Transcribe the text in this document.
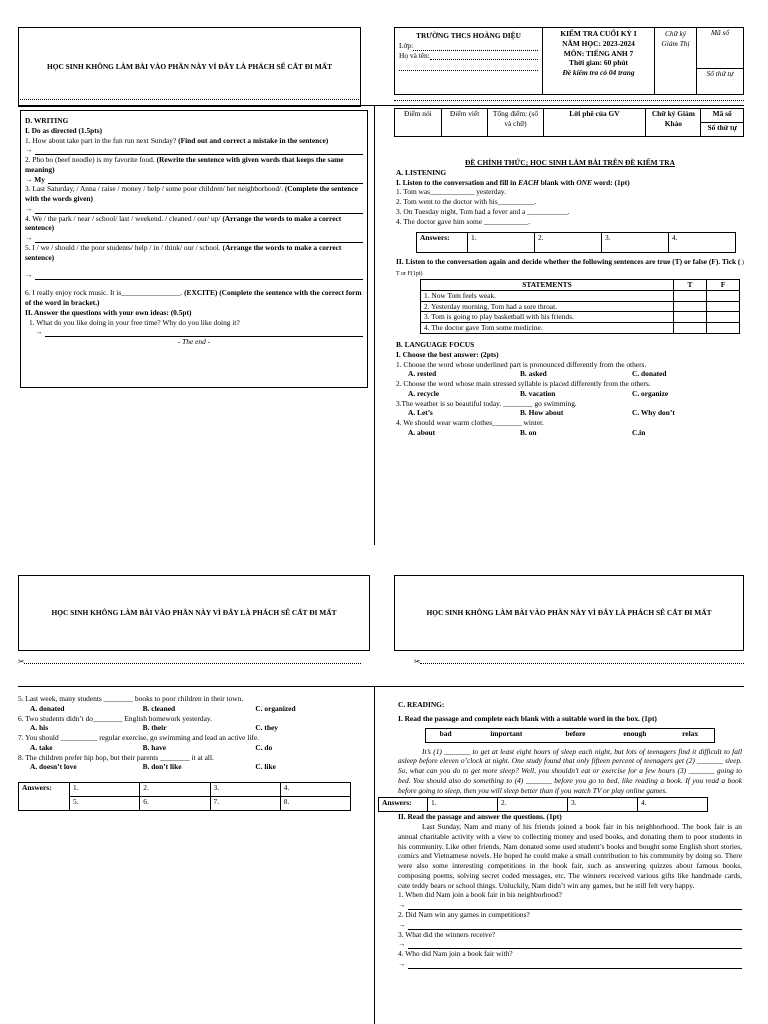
HỌC SINH KHÔNG LÀM BÀI VÀO PHẦN NÀY VÌ ĐÂY LÀ PHÁCH SẼ CẮT ĐI MẤT
TRƯỜNG THCS HOÀNG DIỆU
Lớp:
Họ và tên:
KIỂM TRA CUỐI KỲ I
NĂM HỌC: 2023-2024
MÔN: TIẾNG ANH 7
Thời gian: 60 phút
Đề kiểm tra có 04 trang
Chữ ký Giám Thị
Mã số
Số thứ tự
D. WRITING
I. Do as directed (1.5pts)
1. How about take part in the fun run next Sunday? (Find out and correct a mistake in the sentence)
→
2. Pho bo (beef noodle) is my favorite food. (Rewrite the sentence with given words that keeps the same meaning)
→ My
3. Last Saturday, / Anna / raise / money / help / some poor children/ her neighborhood/. (Complete the sentence with the words given)
→
4. We / the park / near / school/ last / weekend. / cleaned / our/ up/ (Arrange the words to make a correct sentence)
→
5. I / we / should / the poor students/ help / in / think/ our / school. (Arrange the words to make a correct sentence)
→
6. I really enjoy rock music. It is________________. (EXCITE) (Complete the sentence with the correct form of the word in bracket.)
II. Answer the questions with your own ideas: (0.5pt)
1. What do you like doing in your free time? Why do you like doing it?
→
- The end -
Điểm nói	Điểm viết	Tổng điểm: (số và chữ)	Lời phê của GV	Chữ ký Giám Khảo	
Mã số
Số thứ tự
ĐỀ CHÍNH THỨC; HỌC SINH LÀM BÀI TRÊN ĐỀ KIỂM TRA
A. LISTENING
I. Listen to the conversation and fill in EACH blank with ONE word: (1pt)
1. Tom was____________ yesterday.
2. Tom went to the doctor with his__________.
3. On Tuesday night, Tom had a fever and a ___________.
4. The doctor gave him some ____________.
Answers:	1.	2.	3.	4.
II. Listen to the conversation again and decide whether the following sentences are true (T) or false (F). Tick ( ) T or F(1pt)
STATEMENTS	T	F
1. Now Tom feels weak.		
2. Yesterday morning, Tom had a sore throat.		
3. Tom is going to play basketball with his friends.		
4. The doctor gave Tom some medicine.		
B. LANGUAGE FOCUS
I. Choose the best answer: (2pts)
1. Choose the word whose underlined part is pronounced differently from the others.
A. rested	B. asked	C. donated
2. Choose the word whose main stressed syllable is placed differently from the others.
A. recycle	B. vacation	C. organize
3.The weather is so beautiful today. ________ go swimming.
A. Let’s	B. How about	C. Why don’t
4. We should wear warm clothes________ winter.
A. about	B. on	C.in
HỌC SINH KHÔNG LÀM BÀI VÀO PHẦN NÀY VÌ ĐÂY LÀ PHÁCH SẼ CẮT ĐI MẤT
✂
HỌC SINH KHÔNG LÀM BÀI VÀO PHẦN NÀY VÌ ĐÂY LÀ PHÁCH SẼ CẮT ĐI MẤT
✂
5. Last week, many students ________ books to poor children in their town.
A. donated	B. cleaned	C. organized
6. Two students didn’t do________ English homework yesterday.
A. his	B. their	C. they
7. You should __________ regular exercise, go swimming and lead an active life.
A. take	B. have	C. do
8. The children prefer hip hop, but their parents ________ it at all.
A. doesn’t love	B. don’t like	C. like
Answers:	1.	2.	3.	4.
	5.	6.	7.	8.
C. READING:
I. Read the passage and complete each blank with a suitable word in the box. (1pt)
bad	important	before	enough	relax
It’s (1) _______ to get at least eight hours of sleep each night, but lots of teenagers find it difficult to fall asleep before eleven o’clock at night. One study found that only fifteen percent of teenagers get (2) _______ sleep. So, what can you do to get more sleep? Well, you shouldn’t eat or exercise for a few hours (3) _______ going to bed. You should also do something to (4) _______ before you go to bed, like reading a book. If you read a book before going to sleep, then you will sleep better than if you watch TV or play online games.
Answers:	1.	2.	3.	4.
II. Read the passage and answer the questions. (1pt)
Last Sunday, Nam and many of his friends joined a book fair in his neighborhood. The book fair is an annual charitable activity with a view to collecting money and used books, and donating them to poor students in his community. Like other friends, Nam donated some used student’s books and bought some English short stories, comics and Vietnamese novels. He hoped he could make a small contribution to his community by doing so. There were also some interesting competitions in the book fair, such as answering quizzes about famous books, composing poems, solving secret coded messages, etc. The winners received various gifts like handmade cards, cute teddy bears or school things. Unluckily, Nam didn’t win any games, but he still felt very happy.
1. When did Nam join a book fair in his neighborhood?
→
2. Did Nam win any games in competitions?
→
3. What did the winners receive?
→
4. Who did Nam join a book fair with?
→
